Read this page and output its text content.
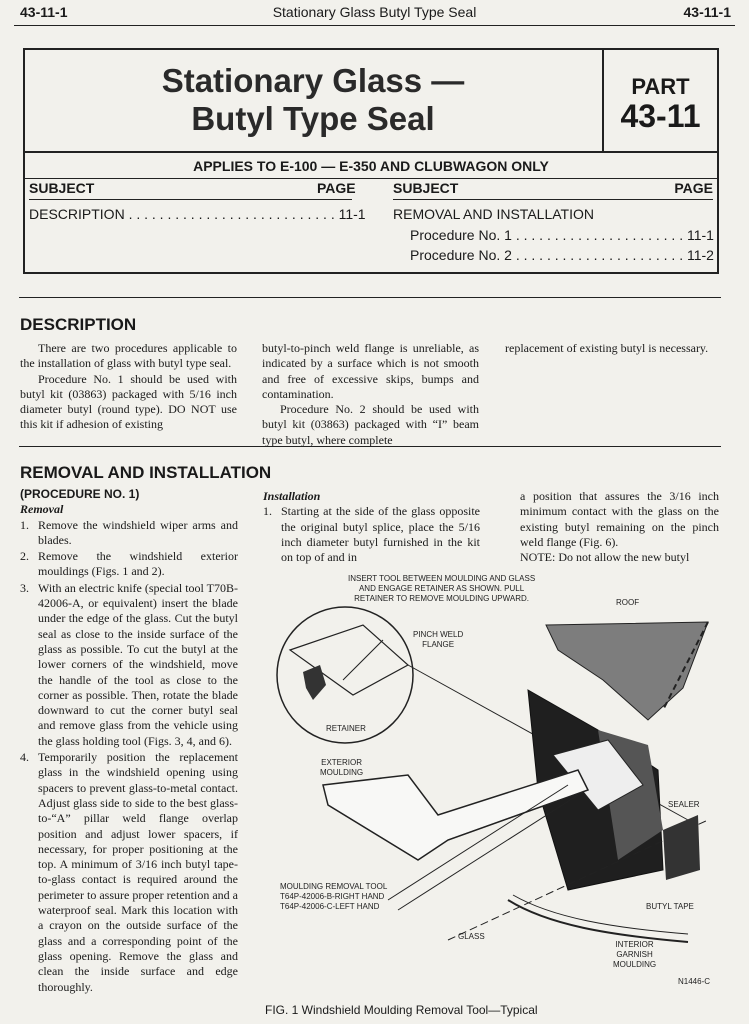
43-11-1	Stationary Glass Butyl Type Seal	43-11-1
Stationary Glass —
Butyl Type Seal
PART
43-11
APPLIES TO E-100 — E-350 AND CLUBWAGON ONLY
SUBJECT	PAGE	SUBJECT	PAGE
DESCRIPTION . . . . . . . . . . . . . . . . . . . . . . . . . . . 11-1 REMOVAL AND INSTALLATION
Procedure No. 1 . . . . . . . . . . . . . . . . . . . . . . 11-1
Procedure No. 2 . . . . . . . . . . . . . . . . . . . . . . 11-2
DESCRIPTION

There are two procedures applicable to the installation of glass with butyl type seal.

Procedure No. 1 should be used with butyl kit (03863) packaged with 5/16 inch diameter butyl (round type). DO NOT use this kit if adhesion of existing

butyl-to-pinch weld flange is unreliable, as indicated by a surface which is not smooth and free of excessive skips, bumps and contamination.

Procedure No. 2 should be used with butyl kit (03863) packaged with “I” beam type butyl, where complete

replacement of existing butyl is necessary.

REMOVAL AND INSTALLATION
(PROCEDURE NO. 1)
Removal
1. Remove the windshield wiper arms and blades.
2. Remove the windshield exterior mouldings (Figs. 1 and 2).
3. With an electric knife (special tool T70B-42006-A, or equivalent) insert the blade under the edge of the glass. Cut the butyl seal as close to the inside surface of the glass as possible. To cut the butyl at the lower corners of the windshield, move the handle of the tool as close to the corner as possible. Then, rotate the blade downward to cut the corner butyl seal and remove glass from the vehicle using the glass holding tool (Figs. 3, 4, and 6).
4. Temporarily position the replacement glass in the windshield opening using spacers to prevent glass-to-metal contact. Adjust glass side to side to the best glass-to-“A” pillar weld flange overlap position and adjust lower spacers, if necessary, for proper positioning at the top. A minimum of 3/16 inch butyl tape-to-glass contact is required around the perimeter to assure proper retention and a waterproof seal. Mark this location with a crayon on the outside surface of the glass and a corresponding point of the glass opening. Remove the glass and clean the inside surface and edge thoroughly.
Installation
1. Starting at the side of the glass opposite the original butyl splice, place the 5/16 inch diameter butyl furnished in the kit on top of and in

a position that assures the 3/16 inch minimum contact with the glass on the existing butyl remaining on the pinch weld flange (Fig. 6).

NOTE: Do not allow the new butyl

INSERT TOOL BETWEEN MOULDING AND GLASS
AND ENGAGE RETAINER AS SHOWN. PULL
RETAINER TO REMOVE MOULDING UPWARD.	ROOF
PINCH WELD
FLANGE
RETAINER
EXTERIOR
MOULDING
SEALER
MOULDING REMOVAL TOOL
T64P-42006-B-RIGHT HAND
T64P-42006-C-LEFT HAND	BUTYL TAPE
GLASS
INTERIOR
GARNISH
MOULDING
N1446-C
FIG. 1 Windshield Moulding Removal Tool—Typical
